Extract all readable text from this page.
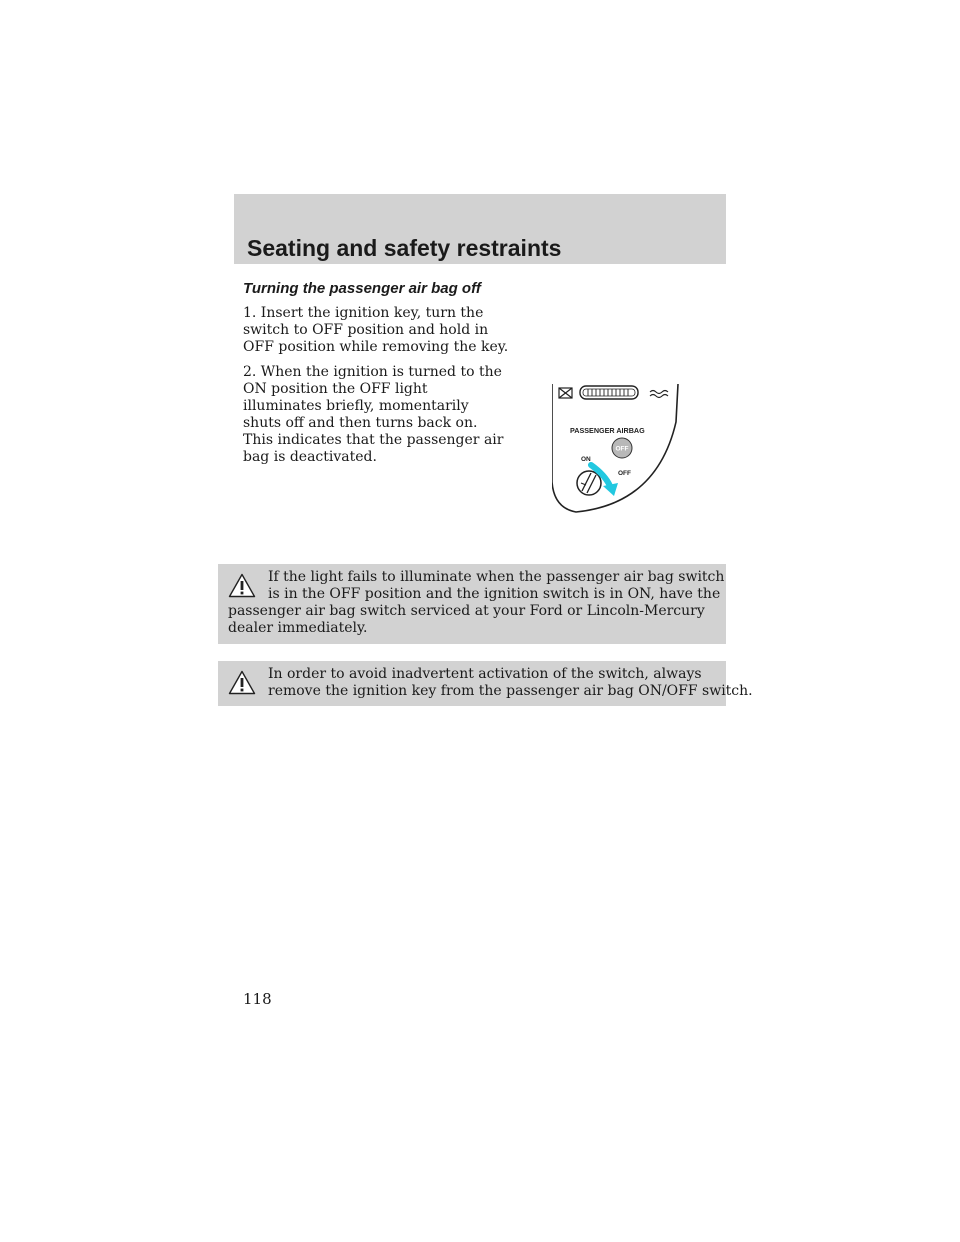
Seating and safety restraints
Turning the passenger air bag off

1. Insert the ignition key, turn the
switch to OFF position and hold in
OFF position while removing the key.

2. When the ignition is turned to the
ON position the OFF light
illuminates briefly, momentarily
shuts off and then turns back on.
This indicates that the passenger air
bag is deactivated.

PASSENGER AIRBAG
OFF
ON
OFF
If the light fails to illuminate when the passenger air bag switch
is in the OFF position and the ignition switch is in ON, have the
passenger air bag switch serviced at your Ford or Lincoln-Mercury
dealer immediately.
In order to avoid inadvertent activation of the switch, always
remove the ignition key from the passenger air bag ON/OFF switch.

118
